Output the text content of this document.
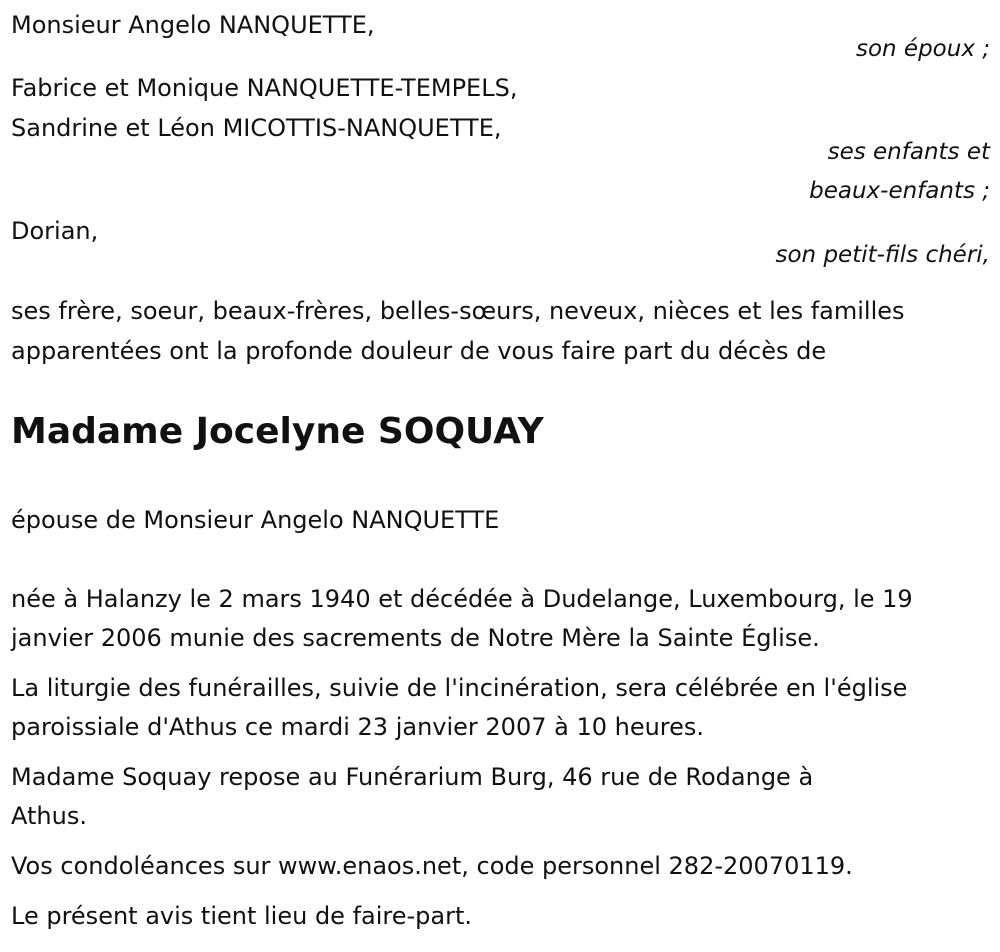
Monsieur Angelo NANQUETTE,
son époux ;
Fabrice et Monique NANQUETTE-TEMPELS,
Sandrine et Léon MICOTTIS-NANQUETTE,
ses enfants et
beaux-enfants ;
Dorian,
son petit-fils chéri,
ses frère, soeur, beaux-frères, belles-sœurs, neveux, nièces et les familles
apparentées ont la profonde douleur de vous faire part du décès de
Madame Jocelyne SOQUAY
épouse de Monsieur Angelo NANQUETTE
née à Halanzy le 2 mars 1940 et décédée à Dudelange, Luxembourg, le 19
janvier 2006 munie des sacrements de Notre Mère la Sainte Église.
La liturgie des funérailles, suivie de l'incinération, sera célébrée en l'église
paroissiale d'Athus ce mardi 23 janvier 2007 à 10 heures.
Madame Soquay repose au Funérarium Burg, 46 rue de Rodange à
Athus.
Vos condoléances sur www.enaos.net, code personnel 282-20070119.
Le présent avis tient lieu de faire-part.
